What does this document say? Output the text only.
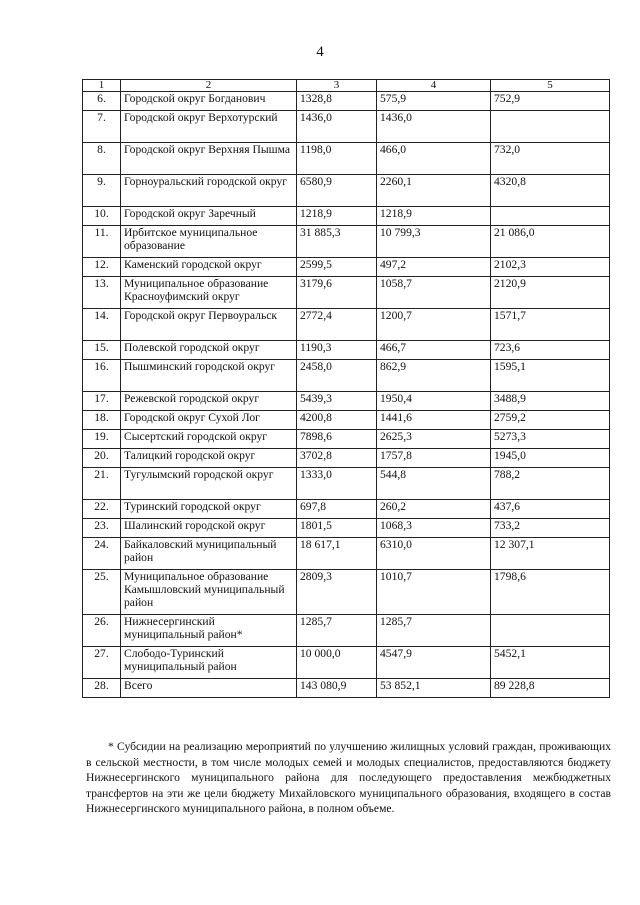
4
1	2	3	4	5
6.	Городской округ Богданович	1328,8	575,9	752,9
7.	Городской округ Верхотурский	1436,0	1436,0	
8.	Городской округ Верхняя Пышма	1198,0	466,0	732,0
9.	Горноуральский городской округ	6580,9	2260,1	4320,8
10.	Городской округ Заречный	1218,9	1218,9	
11.	Ирбитское муниципальное образование	31 885,3	10 799,3	21 086,0
12.	Каменский городской округ	2599,5	497,2	2102,3
13.	Муниципальное образование Красноуфимский округ	3179,6	1058,7	2120,9
14.	Городской округ Первоуральск	2772,4	1200,7	1571,7
15.	Полевской городской округ	1190,3	466,7	723,6
16.	Пышминский городской округ	2458,0	862,9	1595,1
17.	Режевской городской округ	5439,3	1950,4	3488,9
18.	Городской округ Сухой Лог	4200,8	1441,6	2759,2
19.	Сысертский городской округ	7898,6	2625,3	5273,3
20.	Талицкий городской округ	3702,8	1757,8	1945,0
21.	Тугулымский городской округ	1333,0	544,8	788,2
22.	Туринский городской округ	697,8	260,2	437,6
23.	Шалинский городской округ	1801,5	1068,3	733,2
24.	Байкаловский муниципальный район	18 617,1	6310,0	12 307,1
25.	Муниципальное образование Камышловский муниципальный район	2809,3	1010,7	1798,6
26.	Нижнесергинский муниципальный район*	1285,7	1285,7	
27.	Слободо-Туринский муниципальный район	10 000,0	4547,9	5452,1
28.	Всего	143 080,9	53 852,1	89 228,8
* Субсидии на реализацию мероприятий по улучшению жилищных условий граждан, проживающих в сельской местности, в том числе молодых семей и молодых специалистов, предоставляются бюджету Нижнесергинского муниципального района для последующего предоставления межбюджетных трансфертов на эти же цели бюджету Михайловского муниципального образования, входящего в состав Нижнесергинского муниципального района, в полном объеме.
